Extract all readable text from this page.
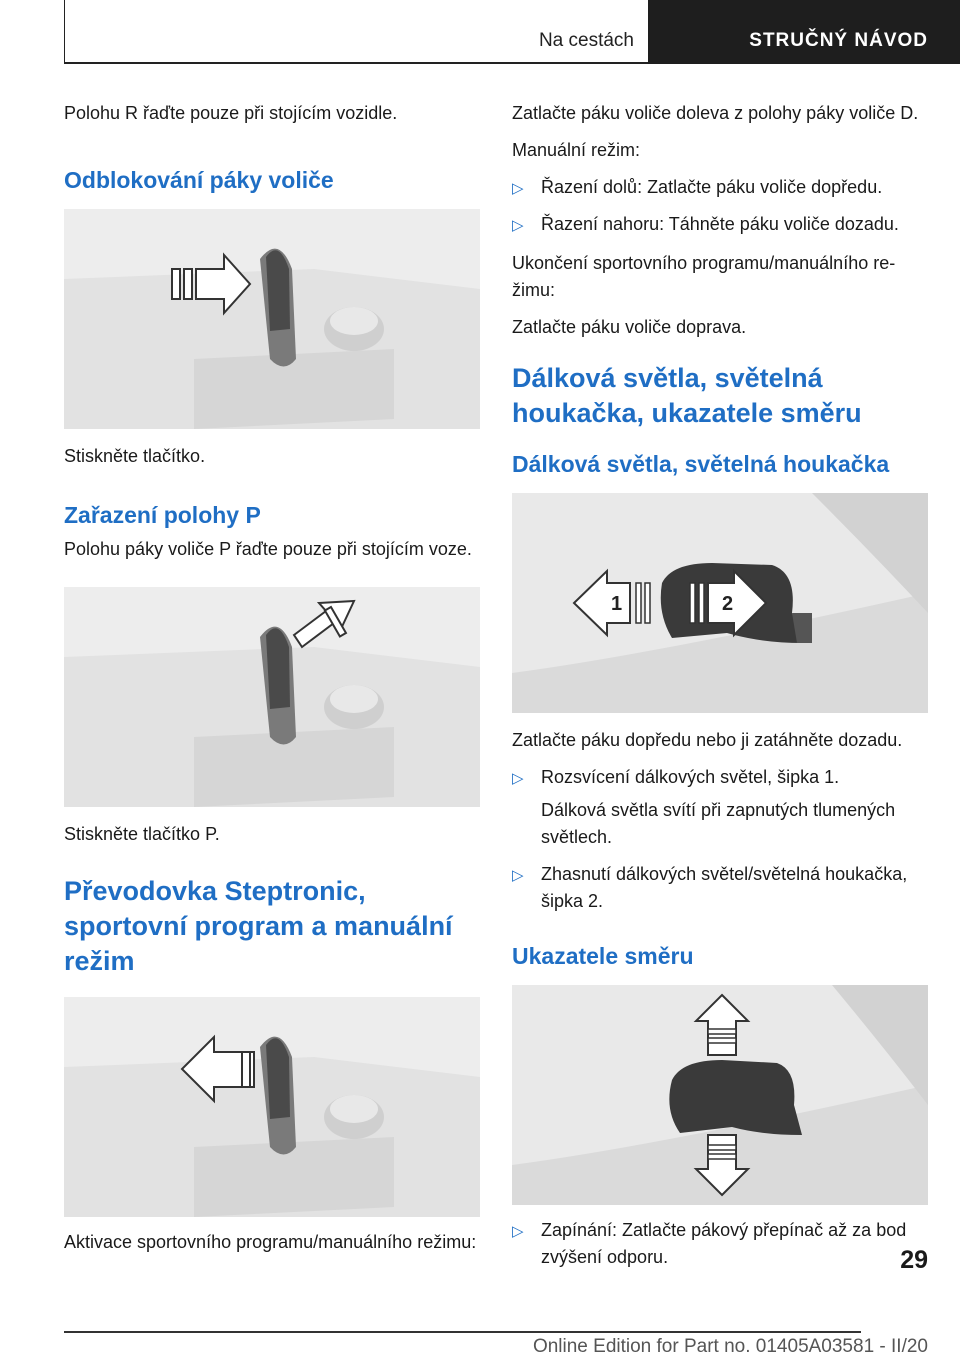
Na cestách	STRUČNÝ NÁVOD

Polohu R řaďte pouze při stojícím vozidle.

Odblokování páky voliče

Stiskněte tlačítko.

Zařazení polohy P

Polohu páky voliče P řaďte pouze při stojícím voze.

Stiskněte tlačítko P.

Převodovka Steptronic, sportovní program a manuální režim

Aktivace sportovního programu/manuálního režimu:

Zatlačte páku voliče doleva z polohy páky voliče D.

Manuální režim:

▷ Řazení dolů: Zatlačte páku voliče dopředu.
▷ Řazení nahoru: Táhněte páku voliče dozadu.

Ukončení sportovního programu/manuálního režimu:

Zatlačte páku voliče doprava.

Dálková světla, světelná houkačka, ukazatele směru
Dálková světla, světelná houkačka
1	2

Zatlačte páku dopředu nebo ji zatáhněte dozadu.

▷ Rozsvícení dálkových světel, šipka 1.
Dálková světla svítí při zapnutých tlumených světlech.
▷ Zhasnutí dálkových světel/světelná houkačka, šipka 2.
Ukazatele směru
▷ Zapínání: Zatlačte pákový přepínač až za bod zvýšení odporu.	29
Online Edition for Part no. 01405A03581 - II/20
